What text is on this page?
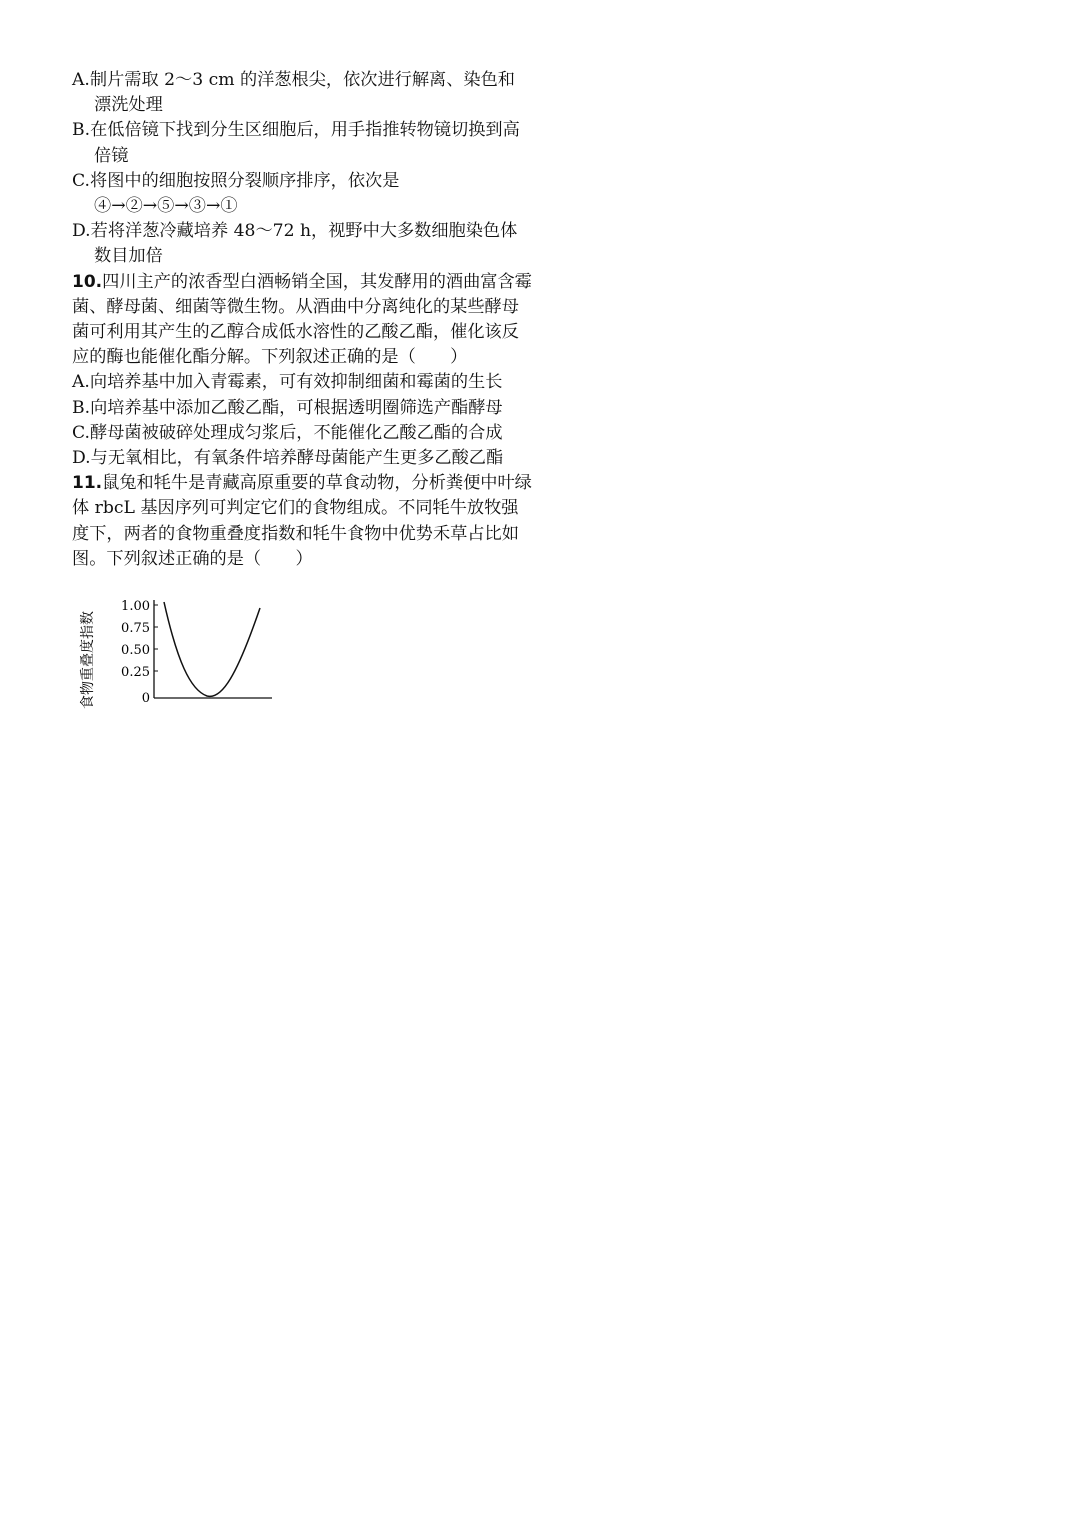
A.制片需取 2～3 cm 的洋葱根尖，依次进行解离、染色和漂洗处理

B.在低倍镜下找到分生区细胞后，用手指推转物镜切换到高倍镜

C.将图中的细胞按照分裂顺序排序，依次是④→②→⑤→③→①

D.若将洋葱冷藏培养 48～72 h，视野中大多数细胞染色体数目加倍

10.四川主产的浓香型白酒畅销全国，其发酵用的酒曲富含霉菌、酵母菌、细菌等微生物。从酒曲中分离纯化的某些酵母菌可利用其产生的乙醇合成低水溶性的乙酸乙酯，催化该反应的酶也能催化酯分解。下列叙述正确的是（　　）

A.向培养基中加入青霉素，可有效抑制细菌和霉菌的生长

B.向培养基中添加乙酸乙酯，可根据透明圈筛选产酯酵母

C.酵母菌被破碎处理成匀浆后，不能催化乙酸乙酯的合成

D.与无氧相比，有氧条件培养酵母菌能产生更多乙酸乙酯

11.鼠兔和牦牛是青藏高原重要的草食动物，分析粪便中叶绿体 rbcL 基因序列可判定它们的食物组成。不同牦牛放牧强度下，两者的食物重叠度指数和牦牛食物中优势禾草占比如图。下列叙述正确的是（　　）

食物重叠度指数
1.00
0.75
0.50
0.25
0
